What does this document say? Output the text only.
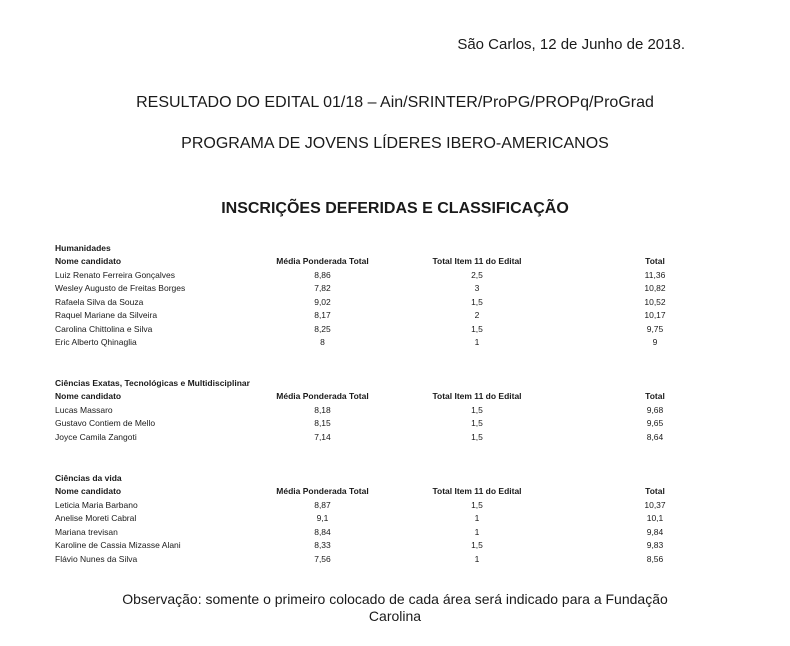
São Carlos, 12 de Junho de 2018.
RESULTADO DO EDITAL 01/18 – Ain/SRINTER/ProPG/PROPq/ProGrad
PROGRAMA DE JOVENS LÍDERES IBERO-AMERICANOS
INSCRIÇÕES DEFERIDAS E CLASSIFICAÇÃO
Humanidades
Nome candidato	Média Ponderada Total	Total Item 11 do Edital	Total
Luiz Renato Ferreira Gonçalves	8,86	2,5	11,36
Wesley Augusto de Freitas Borges	7,82	3	10,82
Rafaela Silva da Souza	9,02	1,5	10,52
Raquel Mariane da Silveira	8,17	2	10,17
Carolina Chittolina e Silva	8,25	1,5	9,75
Eric Alberto Qhinaglia	8	1	9
Ciências Exatas, Tecnológicas e Multidisciplinar
Nome candidato	Média Ponderada Total	Total Item 11 do Edital	Total
Lucas Massaro	8,18	1,5	9,68
Gustavo Contiem de Mello	8,15	1,5	9,65
Joyce Camila Zangoti	7,14	1,5	8,64
Ciências da vida
Nome candidato	Média Ponderada Total	Total Item 11 do Edital	Total
Leticia Maria Barbano	8,87	1,5	10,37
Anelise Moreti Cabral	9,1	1	10,1
Mariana trevisan	8,84	1	9,84
Karoline de Cassia Mizasse Alani	8,33	1,5	9,83
Flávio Nunes da Silva	7,56	1	8,56
Observação: somente o primeiro colocado de cada área será indicado para a Fundação
Carolina
